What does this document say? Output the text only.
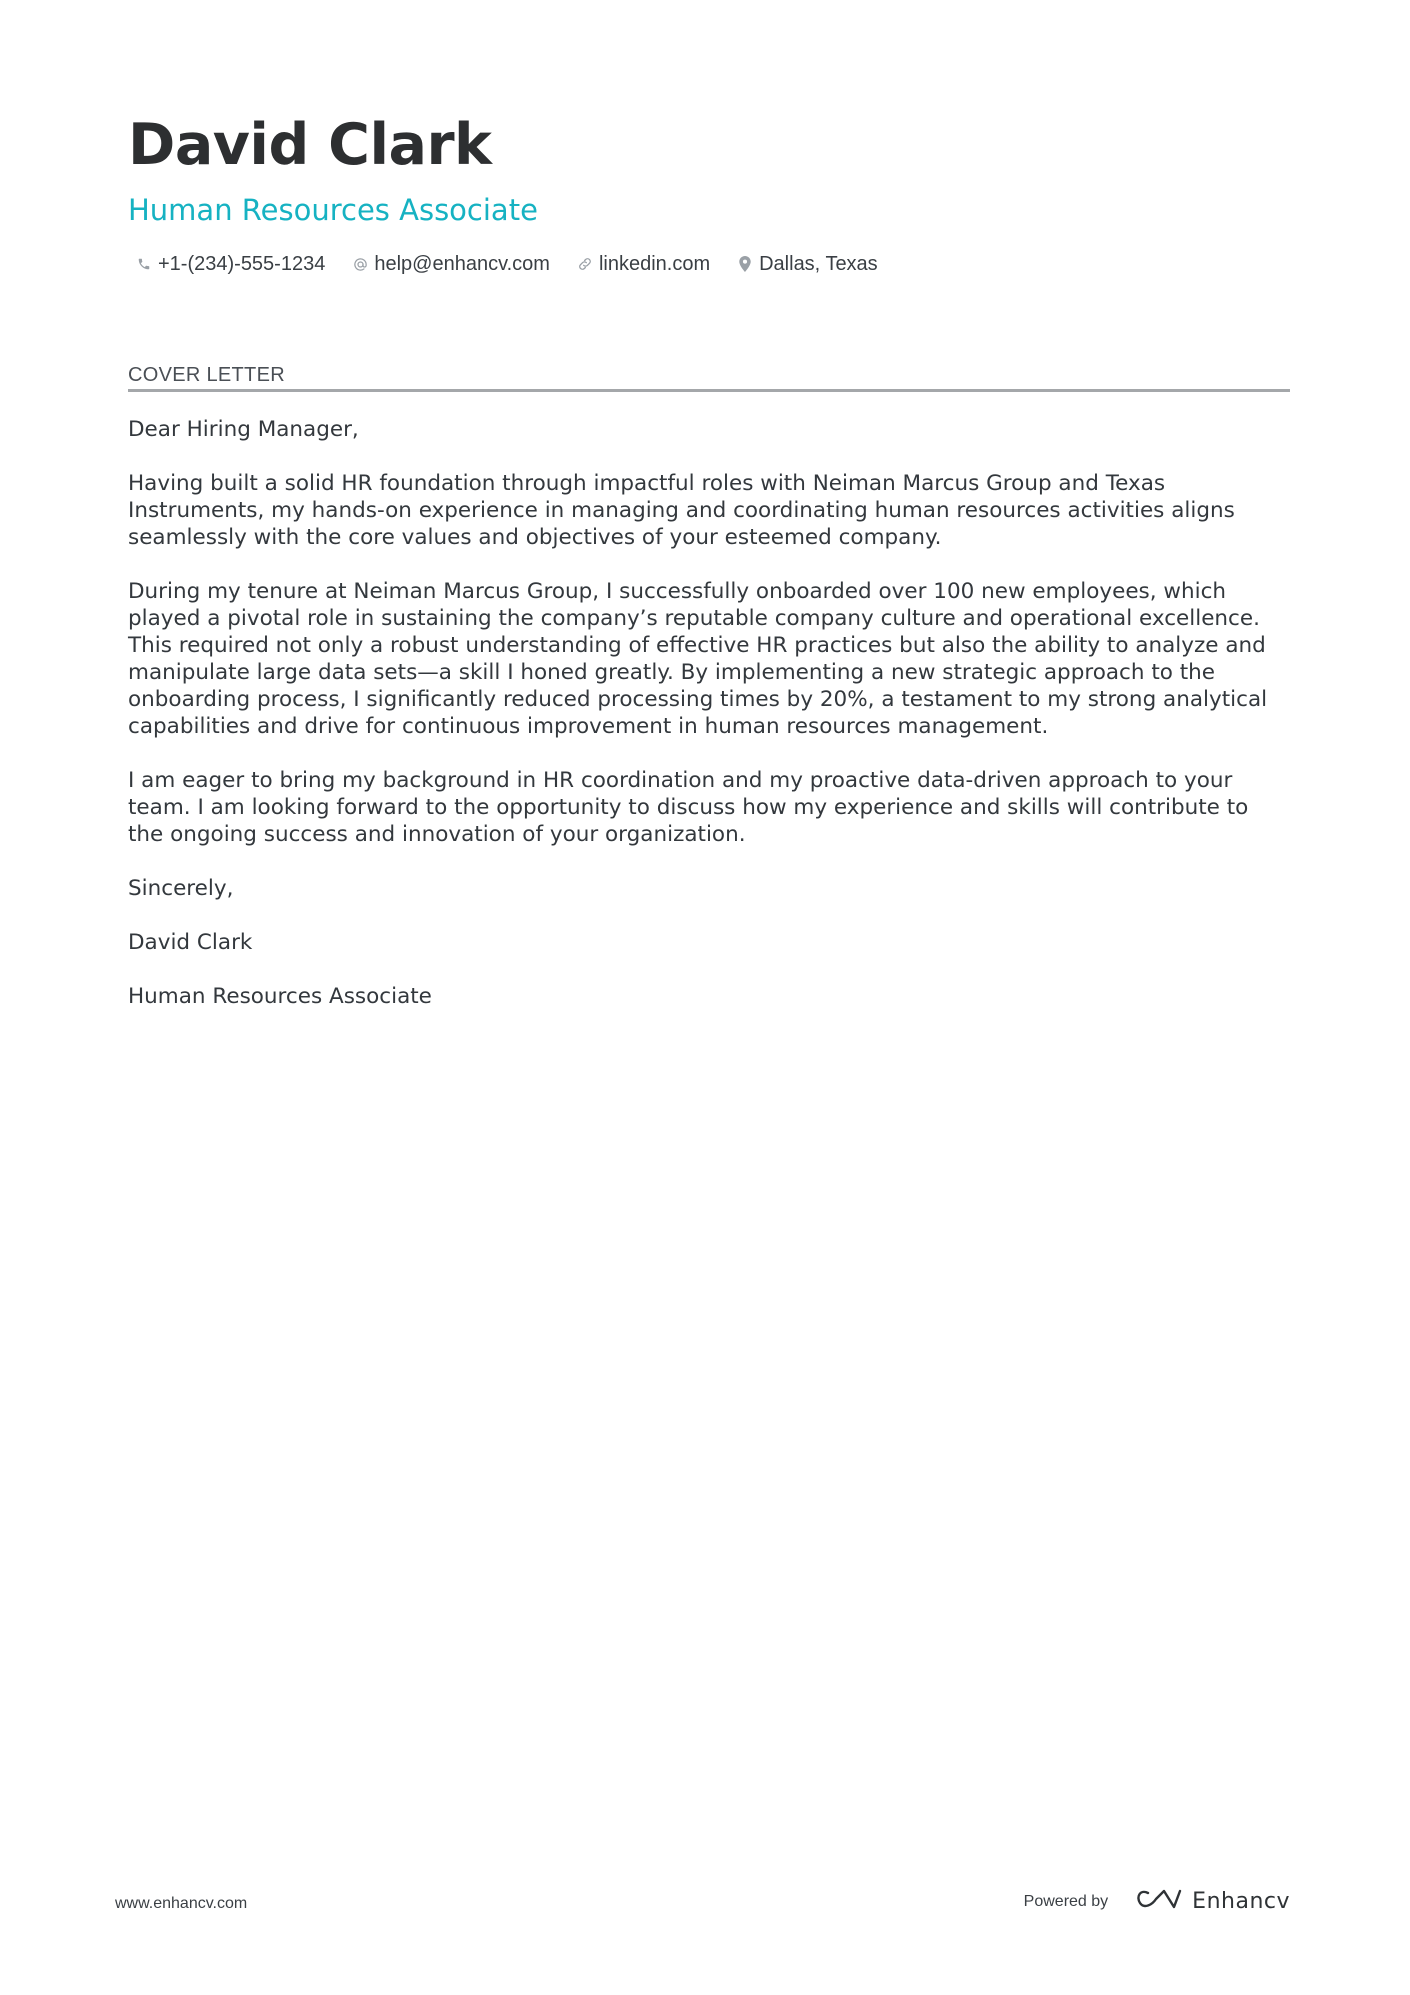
David Clark
Human Resources Associate
+1-(234)-555-1234 help@enhancv.com linkedin.com Dallas, Texas
COVER LETTER

Dear Hiring Manager,

Having built a solid HR foundation through impactful roles with Neiman Marcus Group and Texas Instruments, my hands-on experience in managing and coordinating human resources activities aligns seamlessly with the core values and objectives of your esteemed company.

During my tenure at Neiman Marcus Group, I successfully onboarded over 100 new employees, which played a pivotal role in sustaining the company’s reputable company culture and operational excellence. This required not only a robust understanding of effective HR practices but also the ability to analyze and manipulate large data sets—a skill I honed greatly. By implementing a new strategic approach to the onboarding process, I significantly reduced processing times by 20%, a testament to my strong analytical capabilities and drive for continuous improvement in human resources management.

I am eager to bring my background in HR coordination and my proactive data-driven approach to your team. I am looking forward to the opportunity to discuss how my experience and skills will contribute to the ongoing success and innovation of your organization.

Sincerely,

David Clark

Human Resources Associate

www.enhancv.com	Powered by	Enhancv
